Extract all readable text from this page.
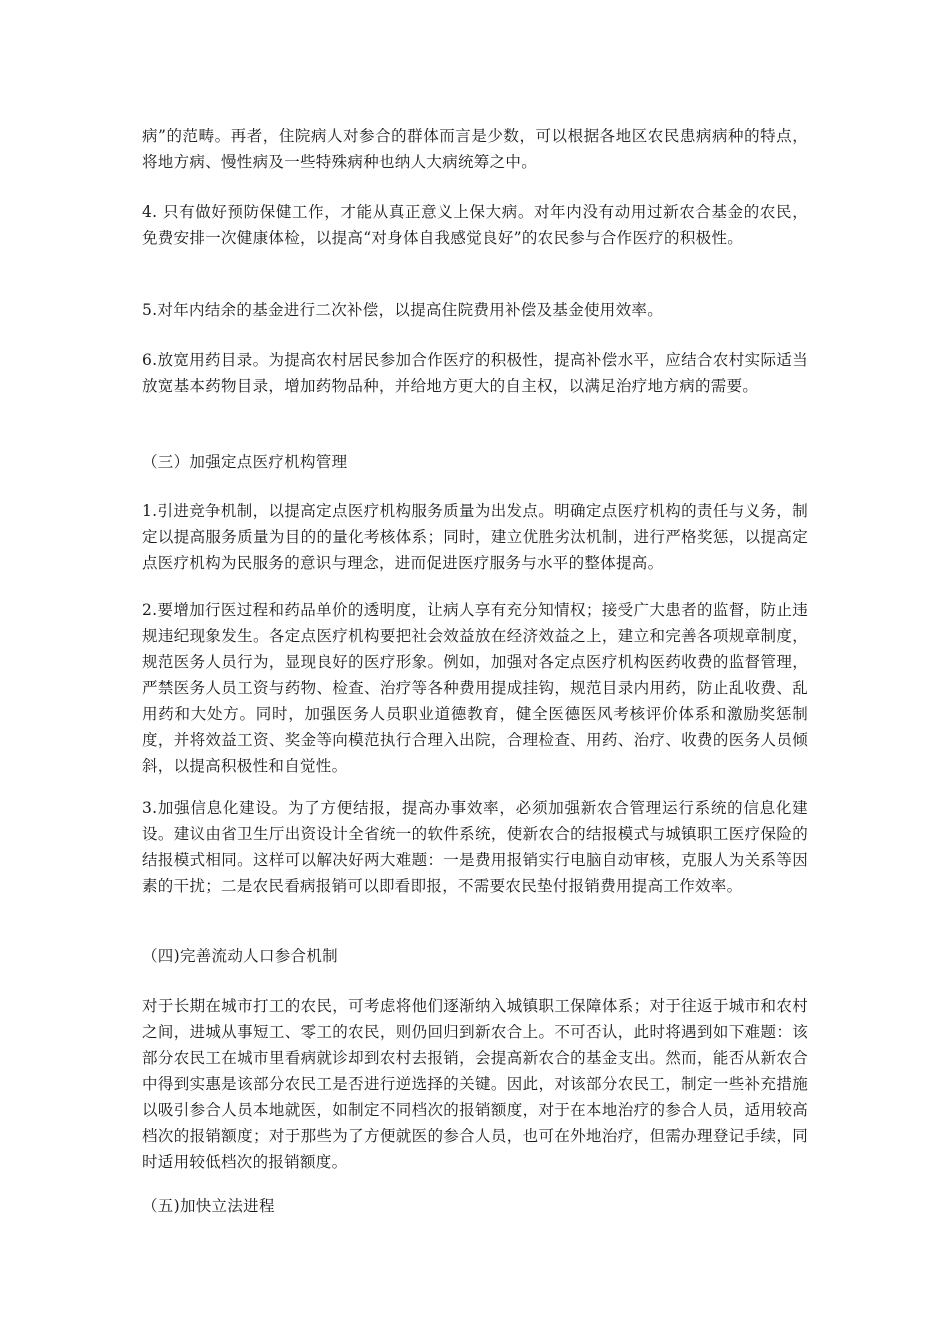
病”的范畴。再者，住院病人对参合的群体而言是少数，可以根据各地区农民患病病种的特点，将地方病、慢性病及一些特殊病种也纳人大病统筹之中。

4. 只有做好预防保健工作，才能从真正意义上保大病。对年内没有动用过新农合基金的农民，免费安排一次健康体检，以提高“对身体自我感觉良好”的农民参与合作医疗的积极性。

5.对年内结余的基金进行二次补偿，以提高住院费用补偿及基金使用效率。

6.放宽用药目录。为提高农村居民参加合作医疗的积极性，提高补偿水平，应结合农村实际适当放宽基本药物目录，增加药物品种，并给地方更大的自主权，以满足治疗地方病的需要。

（三）加强定点医疗机构管理

1.引进竞争机制，以提高定点医疗机构服务质量为出发点。明确定点医疗机构的责任与义务，制定以提高服务质量为目的的量化考核体系；同时，建立优胜劣汰机制，进行严格奖惩，以提高定点医疗机构为民服务的意识与理念，进而促进医疗服务与水平的整体提高。

2.要增加行医过程和药品单价的透明度，让病人享有充分知情权；接受广大患者的监督，防止违规违纪现象发生。各定点医疗机构要把社会效益放在经济效益之上，建立和完善各项规章制度，规范医务人员行为，显现良好的医疗形象。例如，加强对各定点医疗机构医药收费的监督管理，严禁医务人员工资与药物、检查、治疗等各种费用提成挂钩，规范目录内用药，防止乱收费、乱用药和大处方。同时，加强医务人员职业道德教育，健全医德医风考核评价体系和激励奖惩制度，并将效益工资、奖金等向模范执行合理入出院，合理检查、用药、治疗、收费的医务人员倾斜，以提高积极性和自觉性。

3.加强信息化建设。为了方便结报，提高办事效率，必须加强新农合管理运行系统的信息化建设。建议由省卫生厅出资设计全省统一的软件系统，使新农合的结报模式与城镇职工医疗保险的结报模式相同。这样可以解决好两大难题：一是费用报销实行电脑自动审核，克服人为关系等因素的干扰；二是农民看病报销可以即看即报，不需要农民垫付报销费用提高工作效率。

（四)完善流动人口参合机制

对于长期在城市打工的农民，可考虑将他们逐渐纳入城镇职工保障体系；对于往返于城市和农村之间，进城从事短工、零工的农民，则仍回归到新农合上。不可否认，此时将遇到如下难题：该部分农民工在城市里看病就诊却到农村去报销，会提高新农合的基金支出。然而，能否从新农合中得到实惠是该部分农民工是否进行逆选择的关键。因此，对该部分农民工，制定一些补充措施以吸引参合人员本地就医，如制定不同档次的报销额度，对于在本地治疗的参合人员，适用较高档次的报销额度；对于那些为了方便就医的参合人员，也可在外地治疗，但需办理登记手续，同时适用较低档次的报销额度。

（五)加快立法进程
